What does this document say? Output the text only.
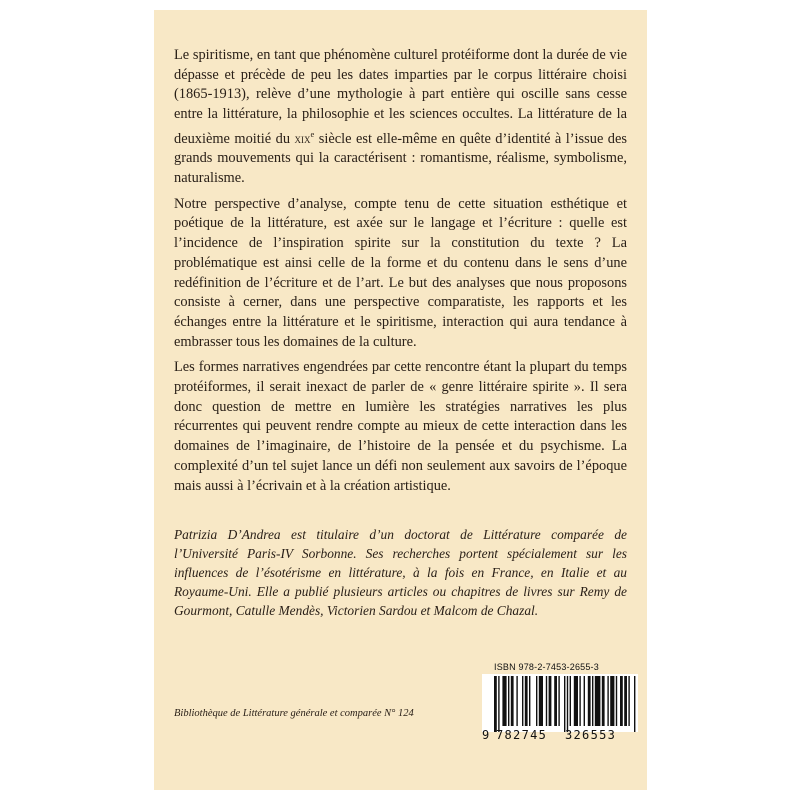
Le spiritisme, en tant que phénomène culturel protéiforme dont la durée de vie dépasse et précède de peu les dates imparties par le corpus littéraire choisi (1865-1913), relève d’une mythologie à part entière qui oscille sans cesse entre la littérature, la philosophie et les sciences occultes. La littérature de la deuxième moitié du xix$^e$ siècle est elle-même en quête d’identité à l’issue des grands mouvements qui la caractérisent : romantisme, réalisme, symbolisme, naturalisme.

Notre perspective d’analyse, compte tenu de cette situation esthétique et poétique de la littérature, est axée sur le langage et l’écriture : quelle est l’incidence de l’inspiration spirite sur la constitution du texte ? La problématique est ainsi celle de la forme et du contenu dans le sens d’une redéfinition de l’écriture et de l’art. Le but des analyses que nous proposons consiste à cerner, dans une perspective comparatiste, les rapports et les échanges entre la littérature et le spiritisme, interaction qui aura tendance à embrasser tous les domaines de la culture.

Les formes narratives engendrées par cette rencontre étant la plupart du temps protéiformes, il serait inexact de parler de « genre littéraire spirite ». Il sera donc question de mettre en lumière les stratégies narratives les plus récurrentes qui peuvent rendre compte au mieux de cette interaction dans les domaines de l’imaginaire, de l’histoire de la pensée et du psychisme. La complexité d’un tel sujet lance un défi non seulement aux savoirs de l’époque mais aussi à l’écrivain et à la création artistique.

Patrizia D’Andrea est titulaire d’un doctorat de Littérature comparée de l’Université Paris-IV Sorbonne. Ses recherches portent spécialement sur les influences de l’ésotérisme en littérature, à la fois en France, en Italie et au Royaume-Uni. Elle a publié plusieurs articles ou chapitres de livres sur Remy de Gourmont, Catulle Mendès, Victorien Sardou et Malcom de Chazal.
Bibliothèque de Littérature générale et comparée N° 124
ISBN 978-2-7453-2655-3
9 782745 326553
